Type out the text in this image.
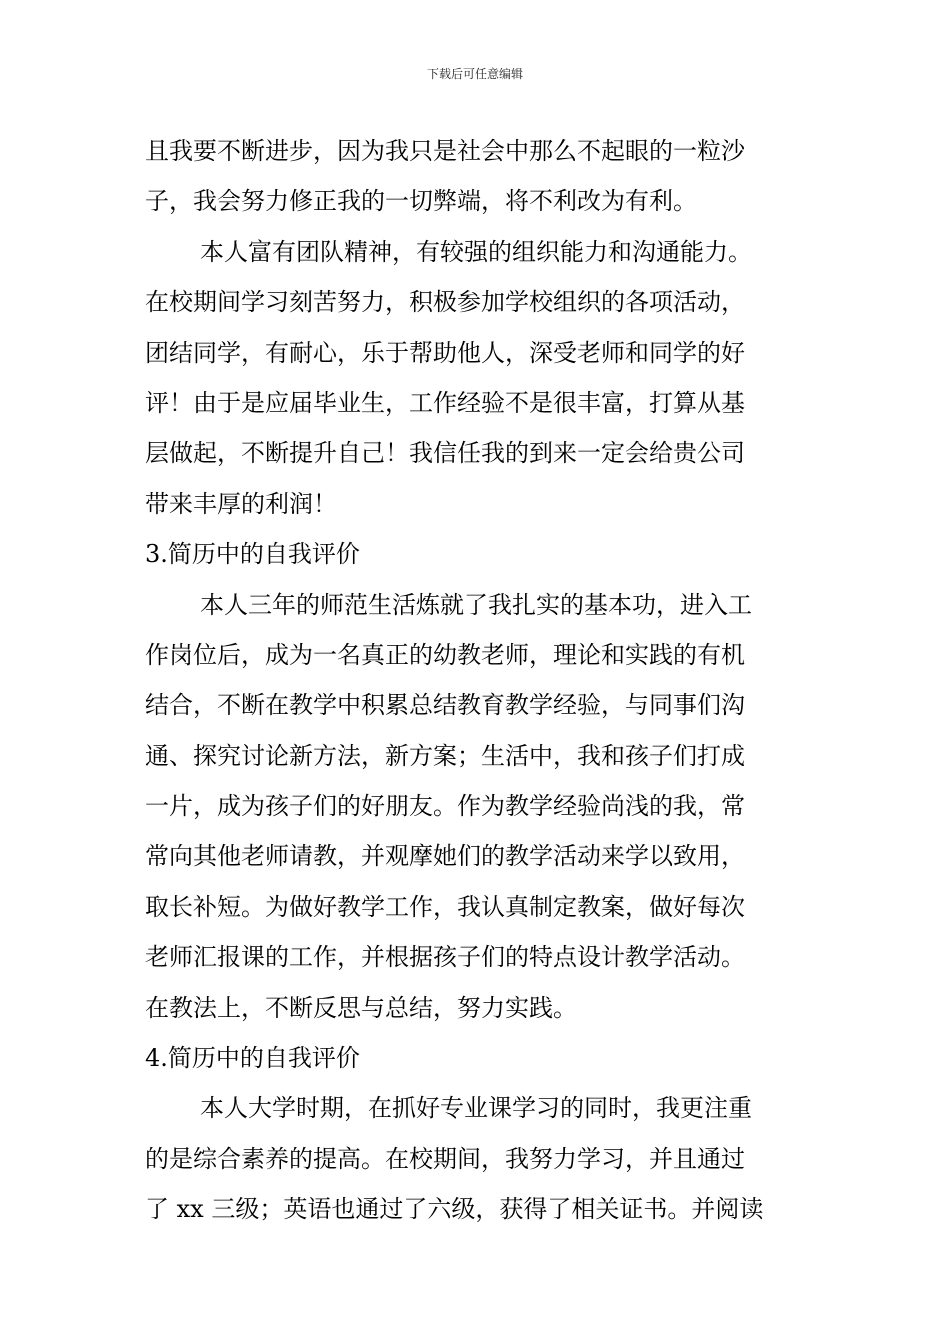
下载后可任意编辑
且我要不断进步，因为我只是社会中那么不起眼的一粒沙
子，我会努力修正我的一切弊端，将不利改为有利。
本人富有团队精神，有较强的组织能力和沟通能力。
在校期间学习刻苦努力，积极参加学校组织的各项活动，
团结同学，有耐心，乐于帮助他人，深受老师和同学的好
评！由于是应届毕业生，工作经验不是很丰富，打算从基
层做起，不断提升自己！我信任我的到来一定会给贵公司
带来丰厚的利润！
3.简历中的自我评价
本人三年的师范生活炼就了我扎实的基本功，进入工
作岗位后，成为一名真正的幼教老师，理论和实践的有机
结合，不断在教学中积累总结教育教学经验，与同事们沟
通、探究讨论新方法，新方案；生活中，我和孩子们打成
一片，成为孩子们的好朋友。作为教学经验尚浅的我，常
常向其他老师请教，并观摩她们的教学活动来学以致用，
取长补短。为做好教学工作，我认真制定教案，做好每次
老师汇报课的工作，并根据孩子们的特点设计教学活动。
在教法上，不断反思与总结，努力实践。
4.简历中的自我评价
本人大学时期，在抓好专业课学习的同时，我更注重
的是综合素养的提高。在校期间，我努力学习，并且通过
了 xx 三级；英语也通过了六级，获得了相关证书。并阅读
